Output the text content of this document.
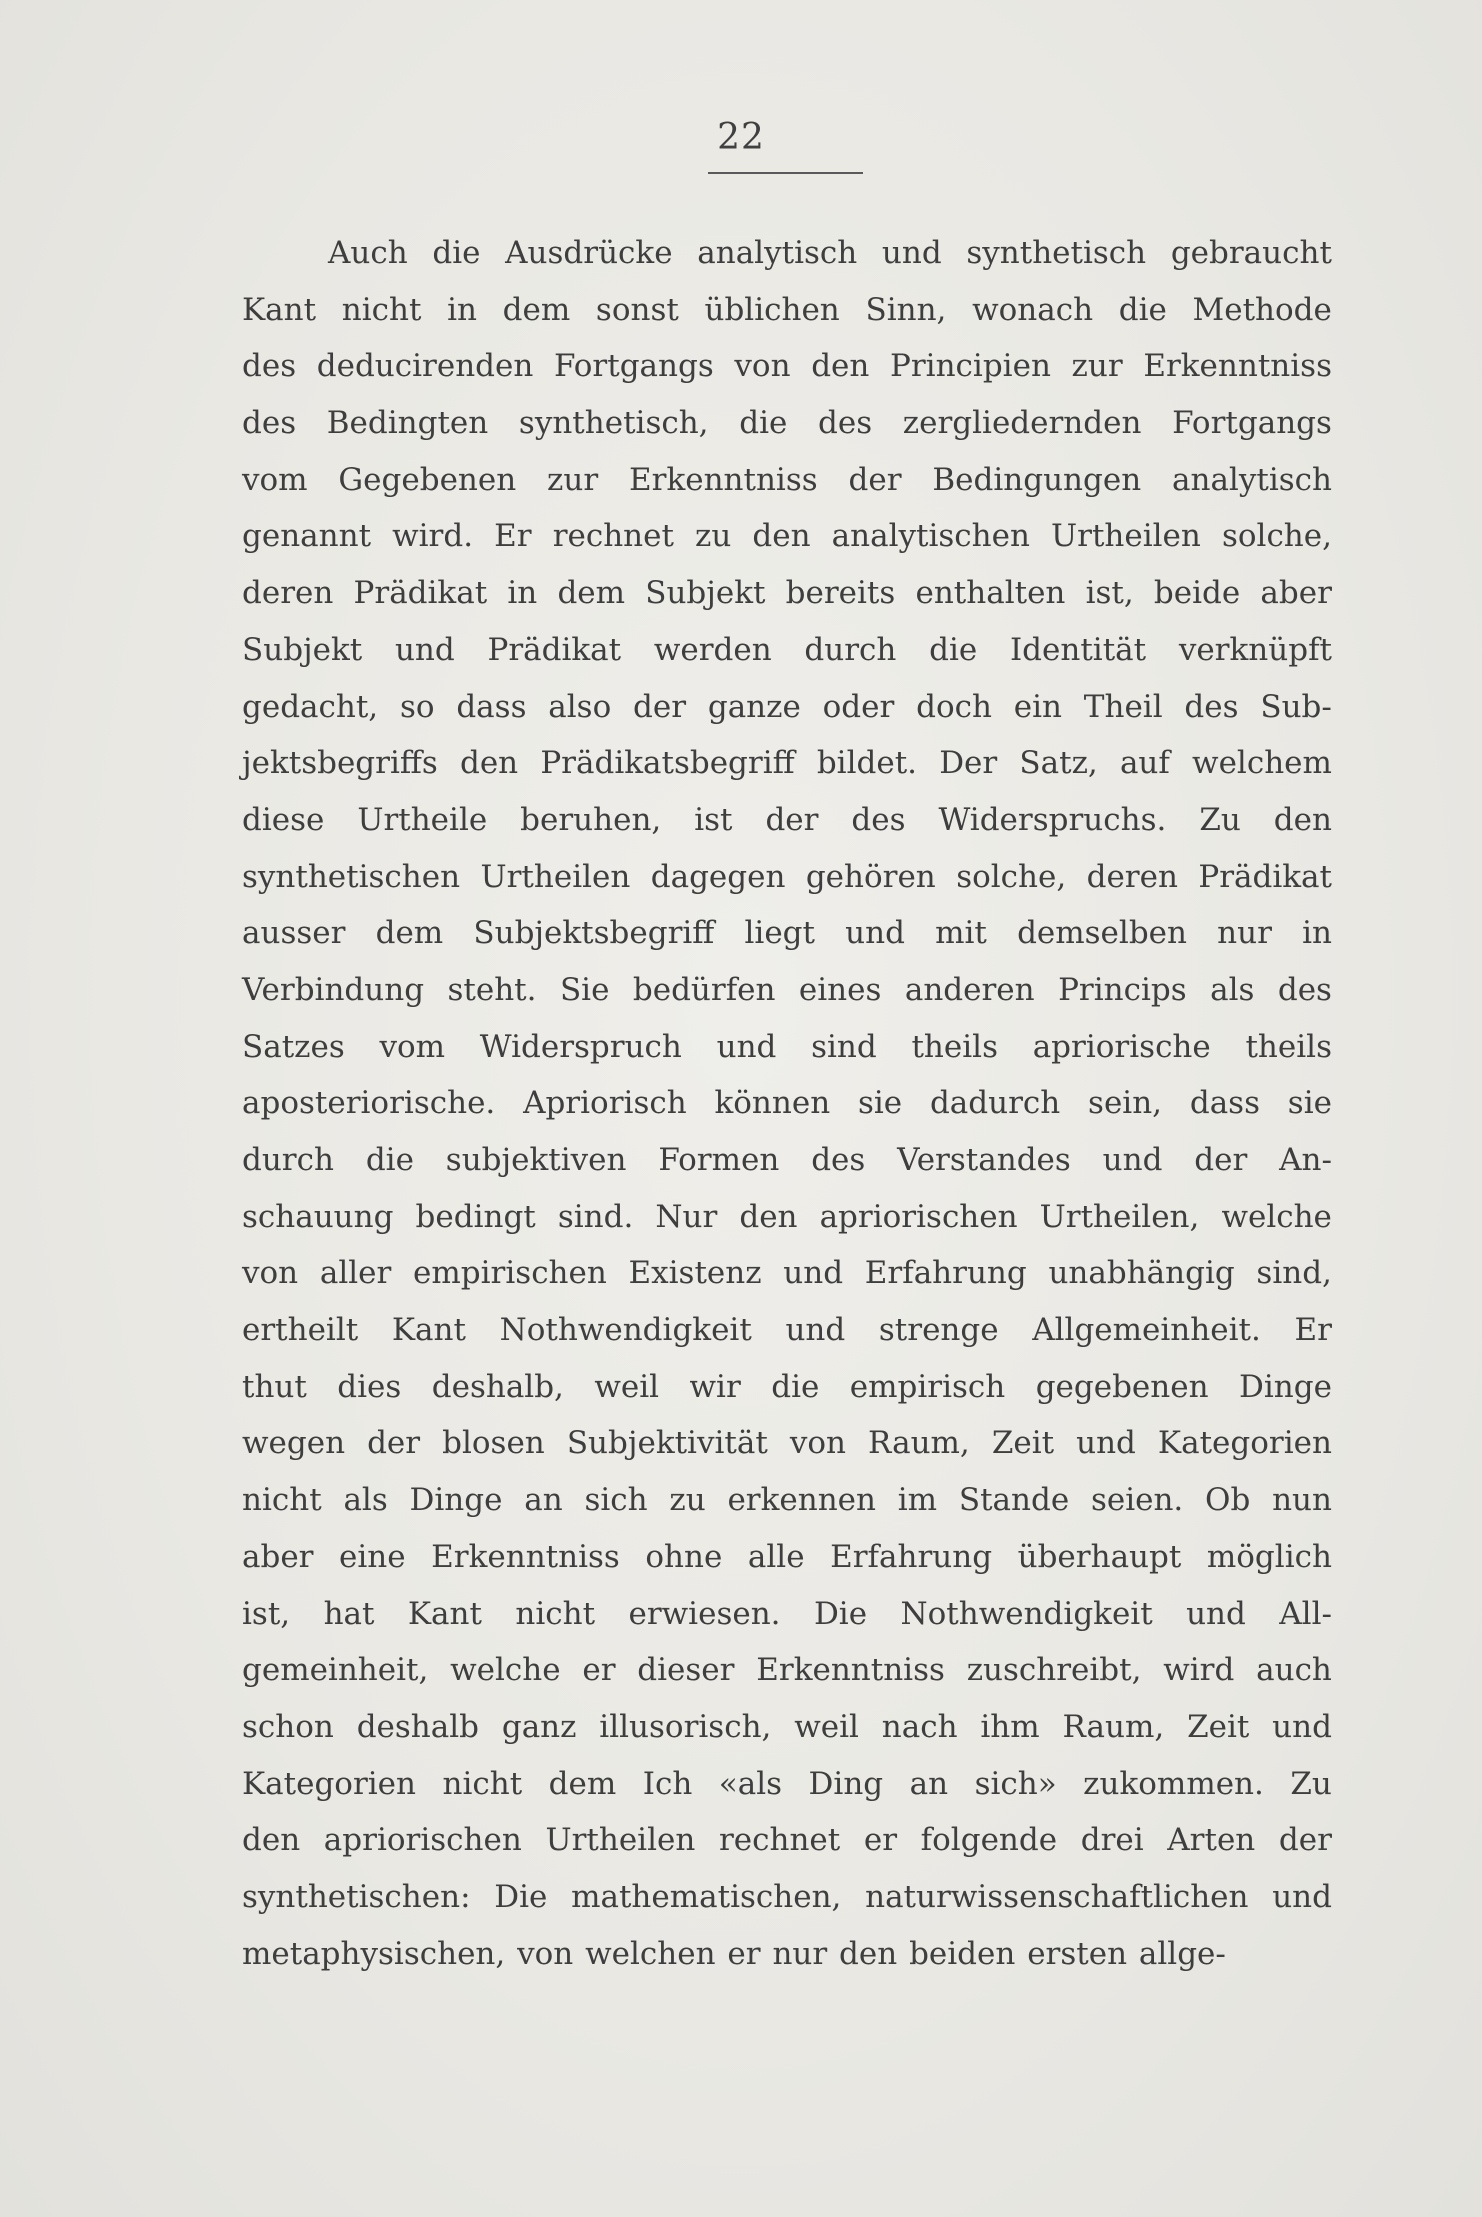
22
Auch die Ausdrücke analytisch und synthetisch gebraucht
Kant nicht in dem sonst üblichen Sinn, wonach die Methode
des deducirenden Fortgangs von den Principien zur Erkenntniss
des Bedingten synthetisch, die des zergliedernden Fortgangs
vom Gegebenen zur Erkenntniss der Bedingungen analytisch
genannt wird. Er rechnet zu den analytischen Urtheilen solche,
deren Prädikat in dem Subjekt bereits enthalten ist, beide aber
Subjekt und Prädikat werden durch die Identität verknüpft
gedacht, so dass also der ganze oder doch ein Theil des Sub-
jektsbegriffs den Prädikatsbegriff bildet. Der Satz, auf welchem
diese Urtheile beruhen, ist der des Widerspruchs. Zu den
synthetischen Urtheilen dagegen gehören solche, deren Prädikat
ausser dem Subjektsbegriff liegt und mit demselben nur in
Verbindung steht. Sie bedürfen eines anderen Princips als des
Satzes vom Widerspruch und sind theils apriorische theils
aposteriorische. Apriorisch können sie dadurch sein, dass sie
durch die subjektiven Formen des Verstandes und der An-
schauung bedingt sind. Nur den apriorischen Urtheilen, welche
von aller empirischen Existenz und Erfahrung unabhängig sind,
ertheilt Kant Nothwendigkeit und strenge Allgemeinheit. Er
thut dies deshalb, weil wir die empirisch gegebenen Dinge
wegen der blosen Subjektivität von Raum, Zeit und Kategorien
nicht als Dinge an sich zu erkennen im Stande seien. Ob nun
aber eine Erkenntniss ohne alle Erfahrung überhaupt möglich
ist, hat Kant nicht erwiesen. Die Nothwendigkeit und All-
gemeinheit, welche er dieser Erkenntniss zuschreibt, wird auch
schon deshalb ganz illusorisch, weil nach ihm Raum, Zeit und
Kategorien nicht dem Ich «als Ding an sich» zukommen. Zu
den apriorischen Urtheilen rechnet er folgende drei Arten der
synthetischen: Die mathematischen, naturwissenschaftlichen und
metaphysischen,
von
welchen
er
nur
den
beiden
ersten
allge-
